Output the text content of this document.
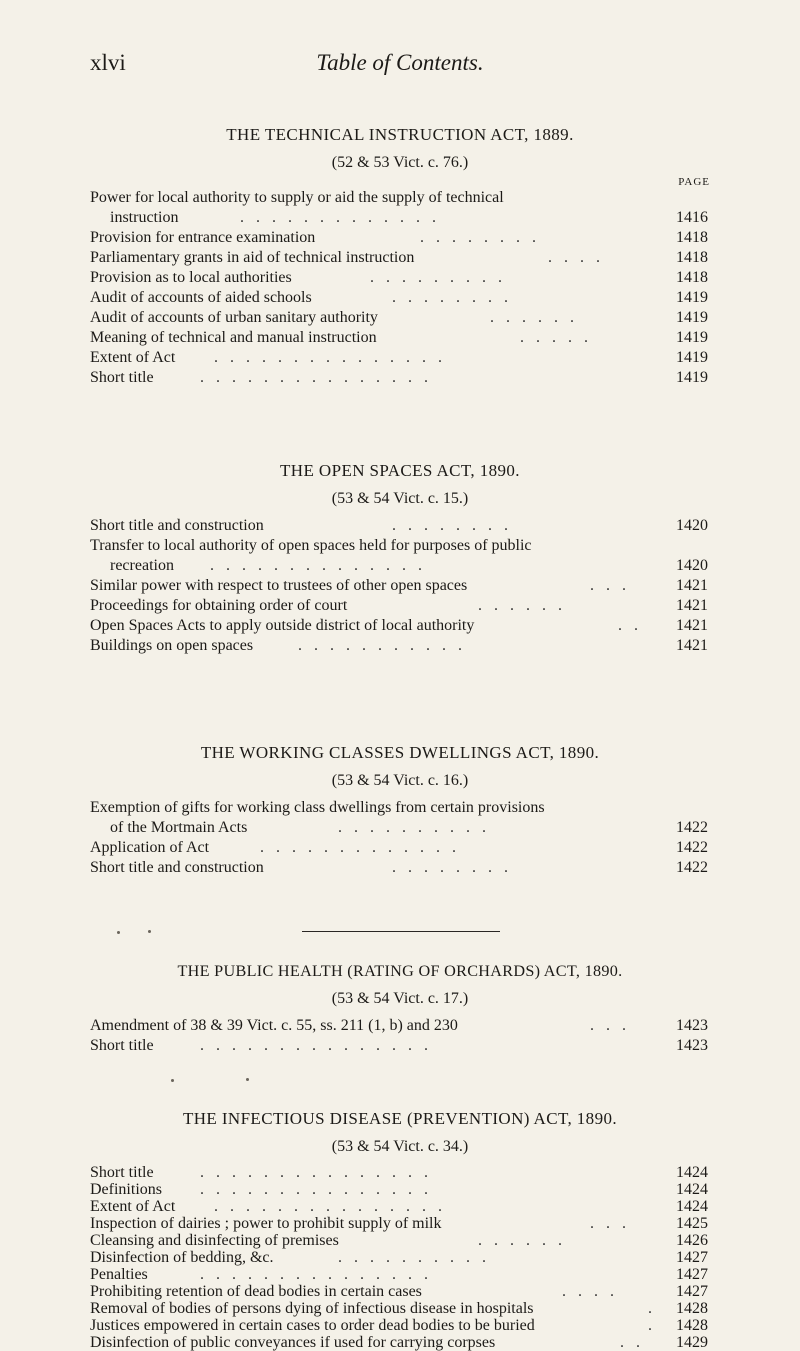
xlvi	Table of Contents.
THE TECHNICAL INSTRUCTION ACT, 1889.
(52 & 53 Vict. c. 76.)
PAGE
Power for local authority to supply or aid the supply of technical
instruction	.   .   .   .   .   .   .   .   .   .   .   .   .	1416
Provision for entrance examination	.   .   .   .   .   .   .   .	1418
Parliamentary grants in aid of technical instruction	.   .   .   .	1418
Provision as to local authorities	.   .   .   .   .   .   .   .   .	1418
Audit of accounts of aided schools	.   .   .   .   .   .   .   .	1419
Audit of accounts of urban sanitary authority	.   .   .   .   .   .	1419
Meaning of technical and manual instruction	.   .   .   .   .	1419
Extent of Act .   .   .   .   .   .   .   .   .   .   .   .   .   .   .	1419
Short title	.   .   .   .   .   .   .   .   .   .   .   .   .   .   .	1419
THE OPEN SPACES ACT, 1890.
(53 & 54 Vict. c. 15.)
Short title and construction	.   .   .   .   .   .   .   .	1420
Transfer to local authority of open spaces held for purposes of public
recreation .   .   .   .   .   .   .   .   .   .   .   .   .   .	1420
Similar power with respect to trustees of other open spaces	.   .   .	1421
Proceedings for obtaining order of court	.   .   .   .   .   .	1421
Open Spaces Acts to apply outside district of local authority	.   .	1421
Buildings on open spaces	.   .   .   .   .   .   .   .   .   .   .	1421
THE WORKING CLASSES DWELLINGS ACT, 1890.
(53 & 54 Vict. c. 16.)
Exemption of gifts for working class dwellings from certain provisions
of the Mortmain Acts	.   .   .   .   .   .   .   .   .   .	1422
Application of Act	.   .   .   .   .   .   .   .   .   .   .   .   .	1422
Short title and construction	.   .   .   .   .   .   .   .	1422
THE PUBLIC HEALTH (RATING OF ORCHARDS) ACT, 1890.
(53 & 54 Vict. c. 17.)
Amendment of 38 & 39 Vict. c. 55, ss. 211 (1, b) and 230	.   .   .	1423
Short title	.   .   .   .   .   .   .   .   .   .   .   .   .   .   .	1423
THE INFECTIOUS DISEASE (PREVENTION) ACT, 1890.
(53 & 54 Vict. c. 34.)
Short title	.   .   .   .   .   .   .   .   .   .   .   .   .   .   .	1424
Definitions .   .   .   .   .   .   .   .   .   .   .   .   .   .   .	1424
Extent of Act .   .   .   .   .   .   .   .   .   .   .   .   .   .   .	1424
Inspection of dairies ; power to prohibit supply of milk	.   .   .	1425
Cleansing and disinfecting of premises	.   .   .   .   .   .	1426
Disinfection of bedding, &c.	.   .   .   .   .   .   .   .   .   .	1427
Penalties	.   .   .   .   .   .   .   .   .   .   .   .   .   .   .	1427
Prohibiting retention of dead bodies in certain cases	.   .   .   .	1427
Removal of bodies of persons dying of infectious disease in hospitals	.	1428
Justices empowered in certain cases to order dead bodies to be buried	.	1428
Disinfection of public conveyances if used for carrying corpses	.   .	1429
